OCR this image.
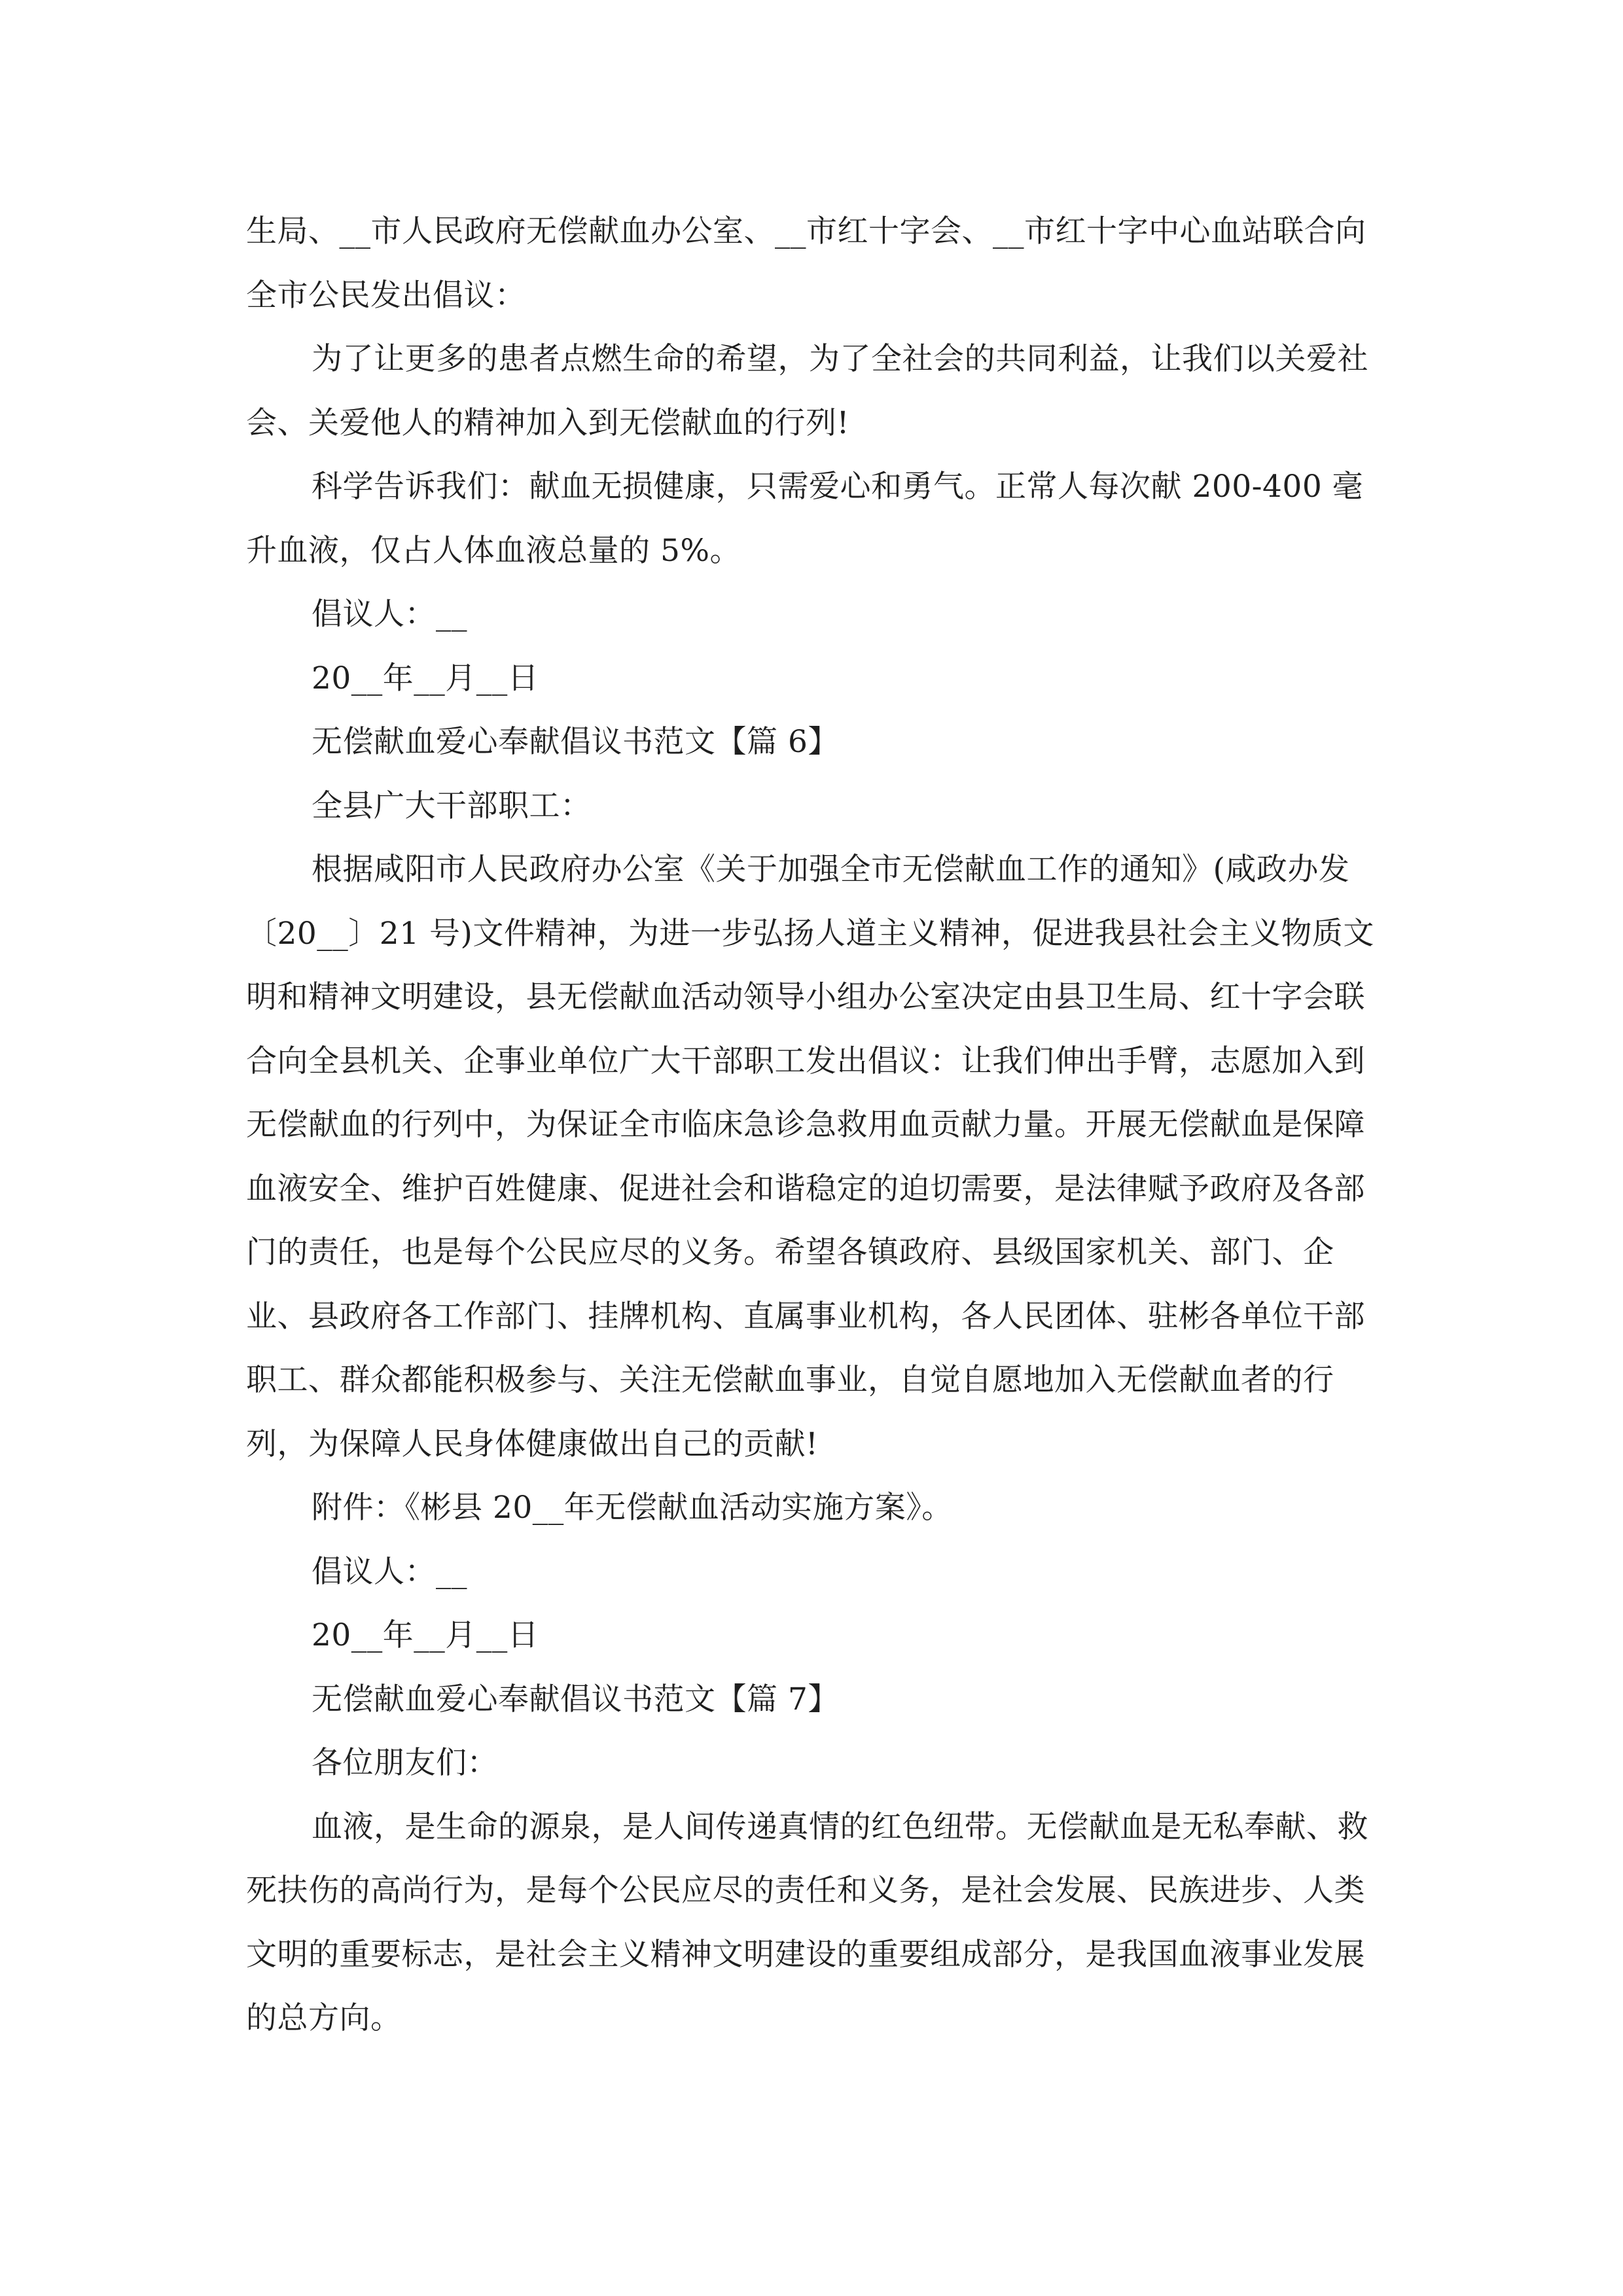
生局、__市人民政府无偿献血办公室、__市红十字会、__市红十字中心血站联合向全市公民发出倡议：

为了让更多的患者点燃生命的希望，为了全社会的共同利益，让我们以关爱社会、关爱他人的精神加入到无偿献血的行列!

科学告诉我们：献血无损健康，只需爱心和勇气。正常人每次献 200-400 毫升血液，仅占人体血液总量的 5%。

倡议人：__

20__年__月__日

无偿献血爱心奉献倡议书范文【篇 6】

全县广大干部职工：

根据咸阳市人民政府办公室《关于加强全市无偿献血工作的通知》(咸政办发〔20__〕21 号)文件精神，为进一步弘扬人道主义精神，促进我县社会主义物质文明和精神文明建设，县无偿献血活动领导小组办公室决定由县卫生局、红十字会联合向全县机关、企事业单位广大干部职工发出倡议：让我们伸出手臂，志愿加入到无偿献血的行列中，为保证全市临床急诊急救用血贡献力量。开展无偿献血是保障血液安全、维护百姓健康、促进社会和谐稳定的迫切需要，是法律赋予政府及各部门的责任，也是每个公民应尽的义务。希望各镇政府、县级国家机关、部门、企业、县政府各工作部门、挂牌机构、直属事业机构，各人民团体、驻彬各单位干部职工、群众都能积极参与、关注无偿献血事业，自觉自愿地加入无偿献血者的行列，为保障人民身体健康做出自己的贡献!

附件：《彬县 20__年无偿献血活动实施方案》。

倡议人：__

20__年__月__日

无偿献血爱心奉献倡议书范文【篇 7】

各位朋友们：

血液，是生命的源泉，是人间传递真情的红色纽带。无偿献血是无私奉献、救死扶伤的高尚行为，是每个公民应尽的责任和义务，是社会发展、民族进步、人类文明的重要标志，是社会主义精神文明建设的重要组成部分，是我国血液事业发展的总方向。
